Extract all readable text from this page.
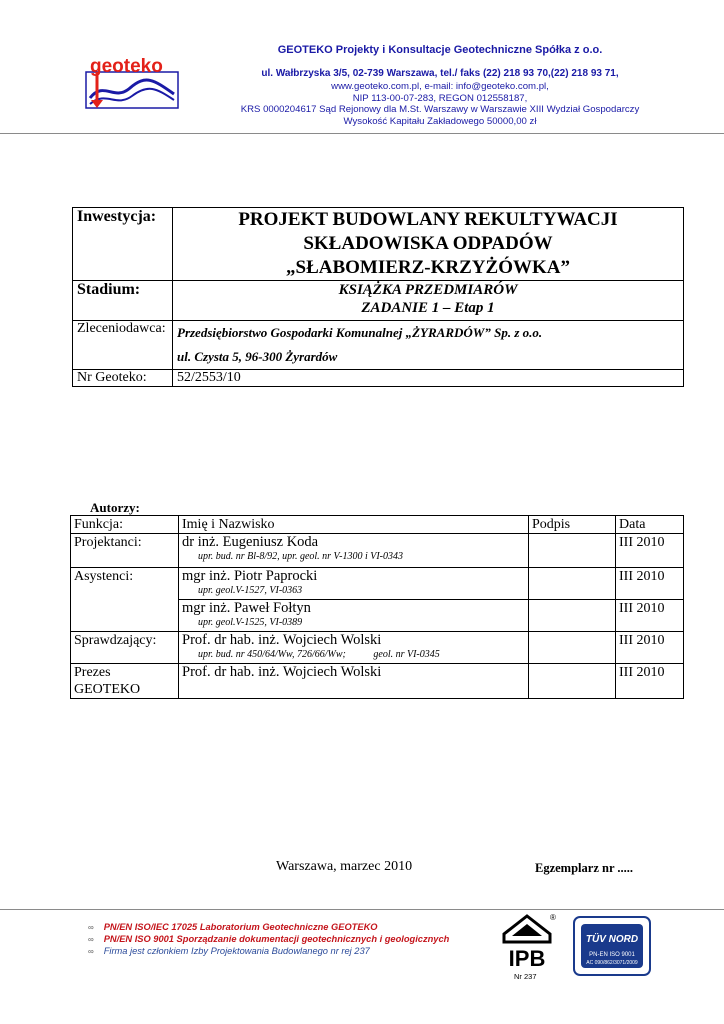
geoteko
GEOTEKO Projekty i Konsultacje Geotechniczne Spółka z o.o.
ul. Wałbrzyska 3/5, 02-739 Warszawa, tel./ faks (22) 218 93 70,(22) 218 93 71,
www.geoteko.com.pl, e-mail: info@geoteko.com.pl,
NIP 113-00-07-283, REGON 012558187,
KRS 0000204617 Sąd Rejonowy dla M.St. Warszawy w Warszawie XIII Wydział Gospodarczy
Wysokość Kapitału Zakładowego 50000,00 zł
Inwestycja:	PROJEKT BUDOWLANY REKULTYWACJI
SKŁADOWISKA ODPADÓW
„SŁABOMIERZ-KRZYŻÓWKA”

Stadium:	KSIĄŻKA PRZEDMIARÓW
ZADANIE 1 – Etap 1

Zleceniodawca:	Przedsiębiorstwo Gospodarki Komunalnej „ŻYRARDÓW” Sp. z o.o.
ul. Czysta 5, 96-300 Żyrardów

Nr Geoteko:	52/2553/10
Autorzy:
Funkcja:	Imię i Nazwisko	Podpis	Data
Projektanci:	dr inż. Eugeniusz Koda
upr. bud. nr Bl-8/92, upr. geol. nr V-1300 i VI-0343		III 2010
Asystenci:	mgr inż. Piotr Paprocki
upr. geol.V-1527, VI-0363		III 2010
	mgr inż. Paweł Fołtyn
upr. geol.V-1525, VI-0389		III 2010
Sprawdzający:	Prof. dr hab. inż. Wojciech Wolski
upr. bud. nr 450/64/Ww, 726/66/Ww;           geol. nr VI-0345		III 2010
Prezes GEOTEKO	Prof. dr hab. inż. Wojciech Wolski		III 2010
Warszawa, marzec 2010	Egzemplarz nr .....
∞ PN/EN ISO/IEC 17025 Laboratorium Geotechniczne GEOTEKO
∞ PN/EN ISO 9001 Sporządzanie dokumentacji geotechnicznych i geologicznych
∞ Firma jest członkiem Izby Projektowania Budowlanego nr rej 237
®
IPB
Nr 237
TÜV NORD
PN-EN ISO 9001
AC 090/862/3071/2009
